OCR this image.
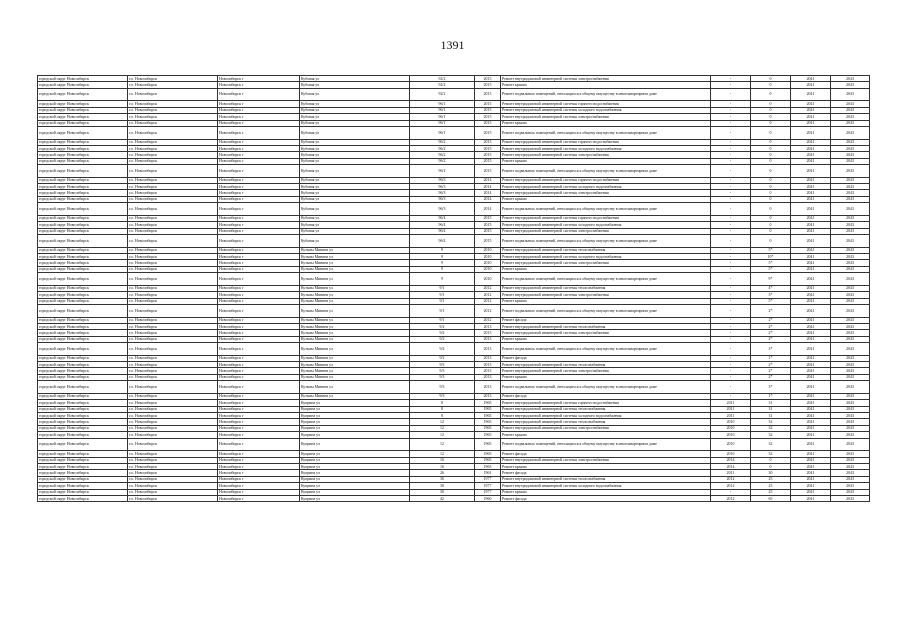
1391
городской округ Новосибирск	г.о. Новосибирск	Новосибирск г	Кубовая ул	92/2	2015	Ремонт внутридомовой инженерной системы электроснабжения	-	0	2041	2043
городской округ Новосибирск	г.о. Новосибирск	Новосибирск г	Кубовая ул	92/2	2015	Ремонт крыши	-	0	2041	2043
городской округ Новосибирск	г.о. Новосибирск	Новосибирск г	Кубовая ул	92/2	2015	Ремонт подвальных помещений, относящихся к общему имуществу в многоквартирном доме	-	0	2041	2043
городской округ Новосибирск	г.о. Новосибирск	Новосибирск г	Кубовая ул	96/1	2015	Ремонт внутридомовой инженерной системы горячего водоснабжения	-	0	2041	2043
городской округ Новосибирск	г.о. Новосибирск	Новосибирск г	Кубовая ул	96/1	2015	Ремонт внутридомовой инженерной системы холодного водоснабжения	-	0	2041	2043
городской округ Новосибирск	г.о. Новосибирск	Новосибирск г	Кубовая ул	96/1	2015	Ремонт внутридомовой инженерной системы электроснабжения	-	0	2041	2043
городской округ Новосибирск	г.о. Новосибирск	Новосибирск г	Кубовая ул	96/1	2015	Ремонт крыши	-	0	2041	2043
городской округ Новосибирск	г.о. Новосибирск	Новосибирск г	Кубовая ул	96/1	2015	Ремонт подвальных помещений, относящихся к общему имуществу в многоквартирном доме	-	0	2041	2043
городской округ Новосибирск	г.о. Новосибирск	Новосибирск г	Кубовая ул	96/2	2015	Ремонт внутридомовой инженерной системы горячего водоснабжения	-	0	2041	2043
городской округ Новосибирск	г.о. Новосибирск	Новосибирск г	Кубовая ул	96/2	2015	Ремонт внутридомовой инженерной системы холодного водоснабжения	-	0	2041	2043
городской округ Новосибирск	г.о. Новосибирск	Новосибирск г	Кубовая ул	96/2	2015	Ремонт внутридомовой инженерной системы электроснабжения	-	0	2041	2043
городской округ Новосибирск	г.о. Новосибирск	Новосибирск г	Кубовая ул	96/2	2015	Ремонт крыши	-	0	2041	2043
городской округ Новосибирск	г.о. Новосибирск	Новосибирск г	Кубовая ул	96/2	2015	Ремонт подвальных помещений, относящихся к общему имуществу в многоквартирном доме	-	0	2041	2043
городской округ Новосибирск	г.о. Новосибирск	Новосибирск г	Кубовая ул	96/3	2014	Ремонт внутридомовой инженерной системы горячего водоснабжения	-	0	2041	2043
городской округ Новосибирск	г.о. Новосибирск	Новосибирск г	Кубовая ул	96/3	2014	Ремонт внутридомовой инженерной системы холодного водоснабжения	-	0	2041	2043
городской округ Новосибирск	г.о. Новосибирск	Новосибирск г	Кубовая ул	96/3	2014	Ремонт внутридомовой инженерной системы электроснабжения	-	0	2041	2043
городской округ Новосибирск	г.о. Новосибирск	Новосибирск г	Кубовая ул	96/3	2014	Ремонт крыши	-	0	2041	2043
городской округ Новосибирск	г.о. Новосибирск	Новосибирск г	Кубовая ул	96/3	2014	Ремонт подвальных помещений, относящихся к общему имуществу в многоквартирном доме	-	0	2041	2043
городской округ Новосибирск	г.о. Новосибирск	Новосибирск г	Кубовая ул	96/4	2015	Ремонт внутридомовой инженерной системы горячего водоснабжения	-	0	2041	2043
городской округ Новосибирск	г.о. Новосибирск	Новосибирск г	Кубовая ул	96/4	2015	Ремонт внутридомовой инженерной системы холодного водоснабжения	-	0	2041	2043
городской округ Новосибирск	г.о. Новосибирск	Новосибирск г	Кубовая ул	96/4	2015	Ремонт внутридомовой инженерной системы электроснабжения	-	0	2041	2043
городской округ Новосибирск	г.о. Новосибирск	Новосибирск г	Кубовая ул	96/4	2015	Ремонт подвальных помещений, относящихся к общему имуществу в многоквартирном доме	-	0	2041	2043
городской округ Новосибирск	г.о. Новосибирск	Новосибирск г	Кузьмы Минина ул	9	2010	Ремонт внутридомовой инженерной системы теплоснабжения	-	5*	2041	2043
городской округ Новосибирск	г.о. Новосибирск	Новосибирск г	Кузьмы Минина ул	9	2010	Ремонт внутридомовой инженерной системы холодного водоснабжения	-	10*	2041	2043
городской округ Новосибирск	г.о. Новосибирск	Новосибирск г	Кузьмы Минина ул	9	2010	Ремонт внутридомовой инженерной системы электроснабжения	-	5*	2041	2043
городской округ Новосибирск	г.о. Новосибирск	Новосибирск г	Кузьмы Минина ул	9	2010	Ремонт крыши	-	5*	2041	2043
городской округ Новосибирск	г.о. Новосибирск	Новосибирск г	Кузьмы Минина ул	9	2010	Ремонт подвальных помещений, относящихся к общему имуществу в многоквартирном доме	-	9*	2041	2043
городской округ Новосибирск	г.о. Новосибирск	Новосибирск г	Кузьмы Минина ул	9/1	2012	Ремонт внутридомовой инженерной системы теплоснабжения	-	4*	2041	2043
городской округ Новосибирск	г.о. Новосибирск	Новосибирск г	Кузьмы Минина ул	9/1	2012	Ремонт внутридомовой инженерной системы электроснабжения	-	3*	2041	2043
городской округ Новосибирск	г.о. Новосибирск	Новосибирск г	Кузьмы Минина ул	9/1	2012	Ремонт крыши	-	5*	2041	2043
городской округ Новосибирск	г.о. Новосибирск	Новосибирск г	Кузьмы Минина ул	9/1	2012	Ремонт подвальных помещений, относящихся к общему имуществу в многоквартирном доме	-	2*	2041	2043
городской округ Новосибирск	г.о. Новосибирск	Новосибирск г	Кузьмы Минина ул	9/1	2012	Ремонт фасада	-	2*	2041	2043
городской округ Новосибирск	г.о. Новосибирск	Новосибирск г	Кузьмы Минина ул	9/2	2013	Ремонт внутридомовой инженерной системы теплоснабжения	-	2*	2041	2043
городской округ Новосибирск	г.о. Новосибирск	Новосибирск г	Кузьмы Минина ул	9/2	2013	Ремонт внутридомовой инженерной системы электроснабжения	-	2*	2041	2043
городской округ Новосибирск	г.о. Новосибирск	Новосибирск г	Кузьмы Минина ул	9/2	2013	Ремонт крыши	-	2*	2041	2043
городской округ Новосибирск	г.о. Новосибирск	Новосибирск г	Кузьмы Минина ул	9/2	2013	Ремонт подвальных помещений, относящихся к общему имуществу в многоквартирном доме	-	3*	2041	2043
городской округ Новосибирск	г.о. Новосибирск	Новосибирск г	Кузьмы Минина ул	9/2	2013	Ремонт фасада	-	1*	2041	2043
городской округ Новосибирск	г.о. Новосибирск	Новосибирск г	Кузьмы Минина ул	9/3	2013	Ремонт внутридомовой инженерной системы теплоснабжения	-	2*	2041	2043
городской округ Новосибирск	г.о. Новосибирск	Новосибирск г	Кузьмы Минина ул	9/3	2013	Ремонт внутридомовой инженерной системы электроснабжения	-	2*	2041	2043
городской округ Новосибирск	г.о. Новосибирск	Новосибирск г	Кузьмы Минина ул	9/3	2013	Ремонт крыши	-	2*	2041	2043
городской округ Новосибирск	г.о. Новосибирск	Новосибирск г	Кузьмы Минина ул	9/3	2013	Ремонт подвальных помещений, относящихся к общему имуществу в многоквартирном доме	-	3*	2041	2043
городской округ Новосибирск	г.о. Новосибирск	Новосибирск г	Кузьмы Минина ул	9/3	2013	Ремонт фасада	-	1*	2041	2043
городской округ Новосибирск	г.о. Новосибирск	Новосибирск г	Куприна ул	8	1965	Ремонт внутридомовой инженерной системы горячего водоснабжения	2011	31	2041	2043
городской округ Новосибирск	г.о. Новосибирск	Новосибирск г	Куприна ул	8	1965	Ремонт внутридомовой инженерной системы теплоснабжения	2011	31	2041	2043
городской округ Новосибирск	г.о. Новосибирск	Новосибирск г	Куприна ул	8	1965	Ремонт внутридомовой инженерной системы холодного водоснабжения	2011	31	2041	2043
городской округ Новосибирск	г.о. Новосибирск	Новосибирск г	Куприна ул	12	1965	Ремонт внутридомовой инженерной системы теплоснабжения	2010	32	2041	2043
городской округ Новосибирск	г.о. Новосибирск	Новосибирск г	Куприна ул	12	1965	Ремонт внутридомовой инженерной системы электроснабжения	2010	32	2041	2043
городской округ Новосибирск	г.о. Новосибирск	Новосибирск г	Куприна ул	12	1965	Ремонт крыши	2010	32	2041	2043
городской округ Новосибирск	г.о. Новосибирск	Новосибирск г	Куприна ул	12	1965	Ремонт подвальных помещений, относящихся к общему имуществу в многоквартирном доме	2010	32	2041	2043
городской округ Новосибирск	г.о. Новосибирск	Новосибирск г	Куприна ул	12	1965	Ремонт фасада	2010	32	2041	2043
городской округ Новосибирск	г.о. Новосибирск	Новосибирск г	Куприна ул	16	1965	Ремонт внутридомовой инженерной системы электроснабжения	2014	0	2041	2043
городской округ Новосибирск	г.о. Новосибирск	Новосибирск г	Куприна ул	16	1965	Ремонт крыши	2014	0	2041	2043
городской округ Новосибирск	г.о. Новосибирск	Новосибирск г	Куприна ул	26	1961	Ремонт фасада	2011	30	2041	2043
городской округ Новосибирск	г.о. Новосибирск	Новосибирск г	Куприна ул	30	1977	Ремонт внутридомовой инженерной системы теплоснабжения	2012	25	2041	2043
городской округ Новосибирск	г.о. Новосибирск	Новосибирск г	Куприна ул	30	1977	Ремонт внутридомовой инженерной системы холодного водоснабжения	2012	25	2041	2043
городской округ Новосибирск	г.о. Новосибирск	Новосибирск г	Куприна ул	30	1977	Ремонт крыши	-	25	2041	2043
городской округ Новосибирск	г.о. Новосибирск	Новосибирск г	Куприна ул	42	1960	Ремонт фасада	2012	65	2041	2043
